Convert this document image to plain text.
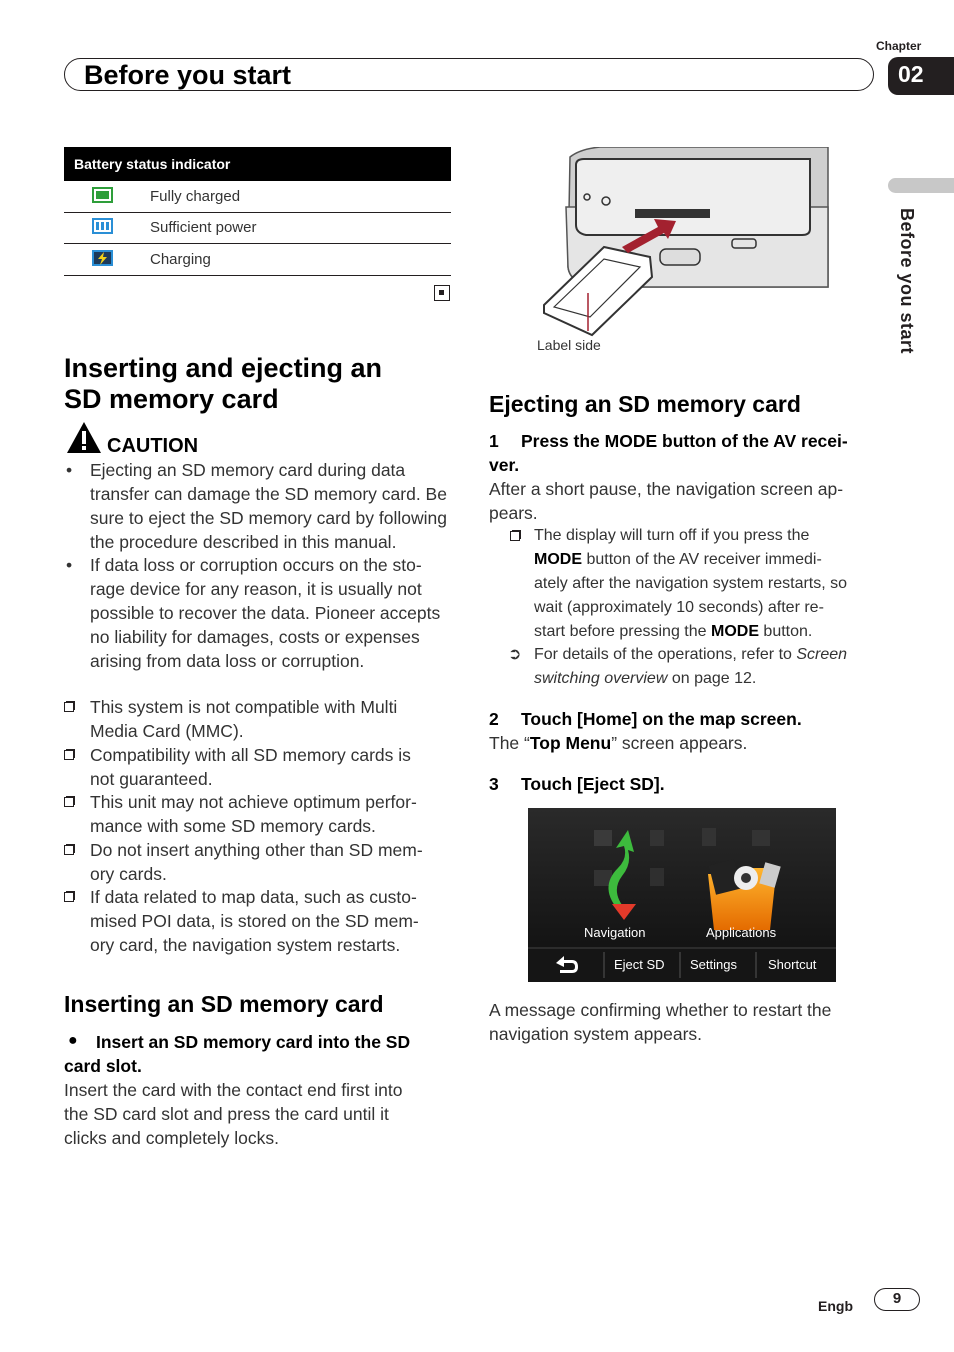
Before you start
Chapter
02
Before you start
Battery status indicator
Fully charged
Sufficient power
Charging
Inserting and ejecting an
SD memory card
CAUTION
• Ejecting an SD memory card during data
transfer can damage the SD memory card. Be
sure to eject the SD memory card by following
the procedure described in this manual.
• If data loss or corruption occurs on the sto-
rage device for any reason, it is usually not
possible to recover the data. Pioneer accepts
no liability for damages, costs or expenses
arising from data loss or corruption.
This system is not compatible with Multi
Media Card (MMC).
Compatibility with all SD memory cards is
not guaranteed.
This unit may not achieve optimum perfor-
mance with some SD memory cards.
Do not insert anything other than SD mem-
ory cards.
If data related to map data, such as custo-
mised POI data, is stored on the SD mem-
ory card, the navigation system restarts.
Inserting an SD memory card
● Insert an SD memory card into the SD
card slot.
Insert the card with the contact end first into
the SD card slot and press the card until it
clicks and completely locks.
Label side
Ejecting an SD memory card
1 Press the MODE button of the AV recei-
ver.
After a short pause, the navigation screen ap-
pears.
The display will turn off if you press the
MODE button of the AV receiver immedi-
ately after the navigation system restarts, so
wait (approximately 10 seconds) after re-
start before pressing the MODE button.
➲ For details of the operations, refer to Screen
switching overview on page 12.
2 Touch [Home] on the map screen.
The “Top Menu” screen appears.
3 Touch [Eject SD].
Navigation	Applications
Eject SD Settings Shortcut
A message confirming whether to restart the
navigation system appears.
Engb	9
